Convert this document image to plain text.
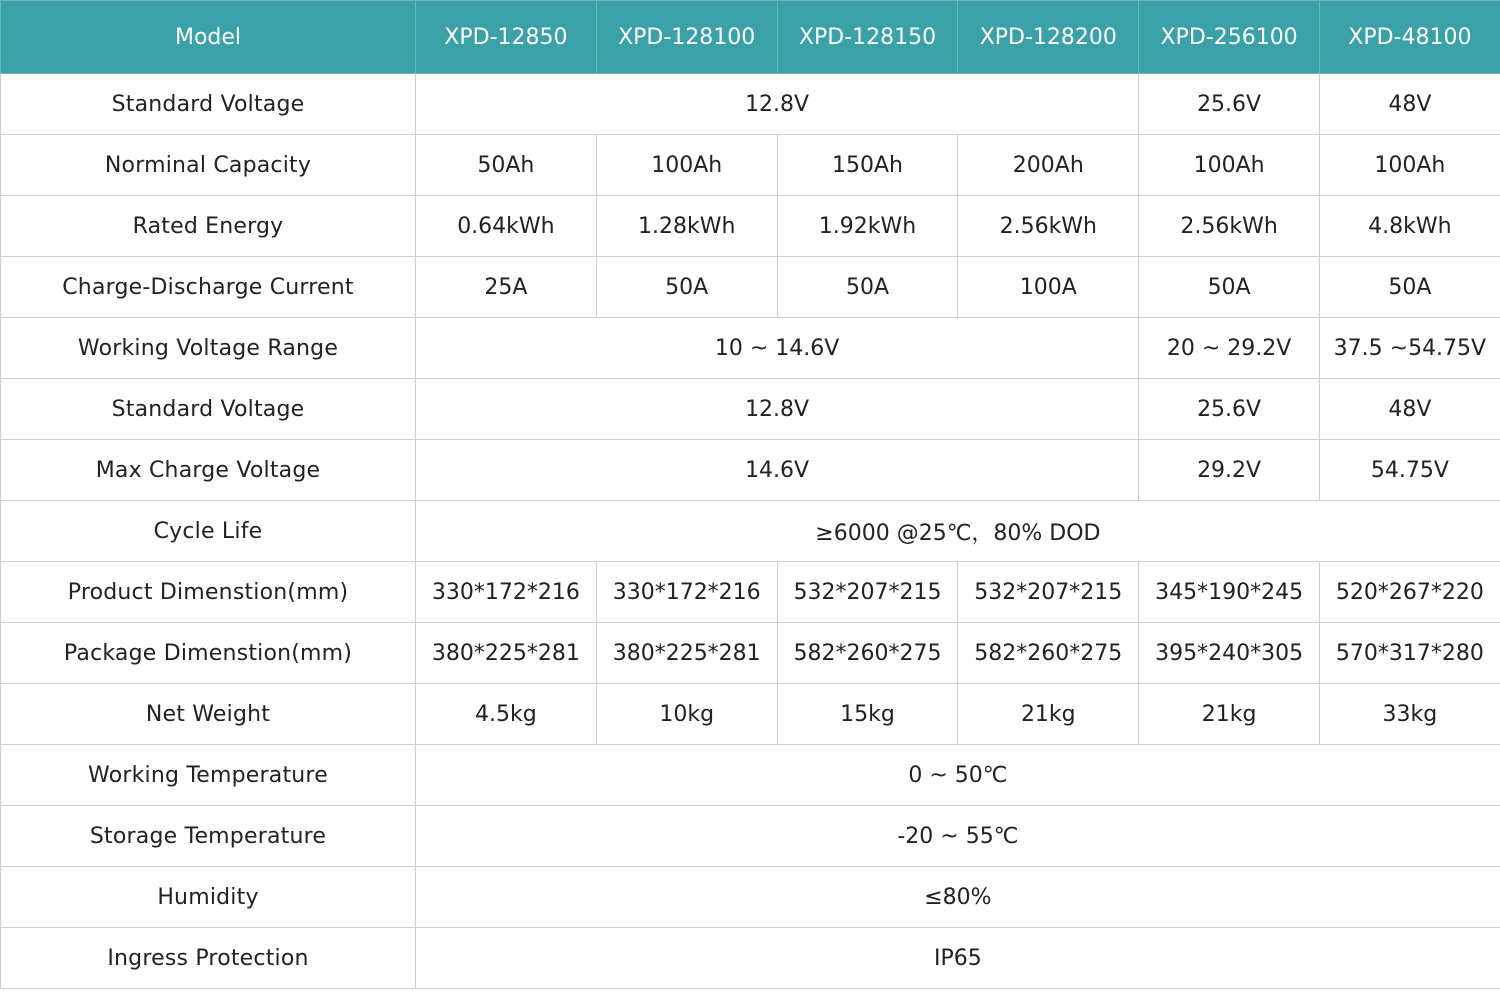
Model	XPD-12850	XPD-128100	XPD-128150	XPD-128200	XPD-256100	XPD-48100
Standard Voltage	12.8V				25.6V	48V
Norminal Capacity	50Ah	100Ah	150Ah	200Ah	100Ah	100Ah
Rated Energy	0.64kWh	1.28kWh	1.92kWh	2.56kWh	2.56kWh	4.8kWh
Charge-Discharge Current	25A	50A	50A	100A	50A	50A
Working Voltage Range	10 ~ 14.6V				20 ~ 29.2V	37.5 ~54.75V
Standard Voltage	12.8V				25.6V	48V
Max Charge Voltage	14.6V				29.2V	54.75V
Cycle Life	≥6000 @25℃，80% DOD					
Product Dimenstion(mm)	330*172*216	330*172*216	532*207*215	532*207*215	345*190*245	520*267*220
Package Dimenstion(mm)	380*225*281	380*225*281	582*260*275	582*260*275	395*240*305	570*317*280
Net Weight	4.5kg	10kg	15kg	21kg	21kg	33kg
Working Temperature	0 ~ 50℃					
Storage Temperature	-20 ~ 55℃					
Humidity	≤80%					
Ingress Protection	IP65					
